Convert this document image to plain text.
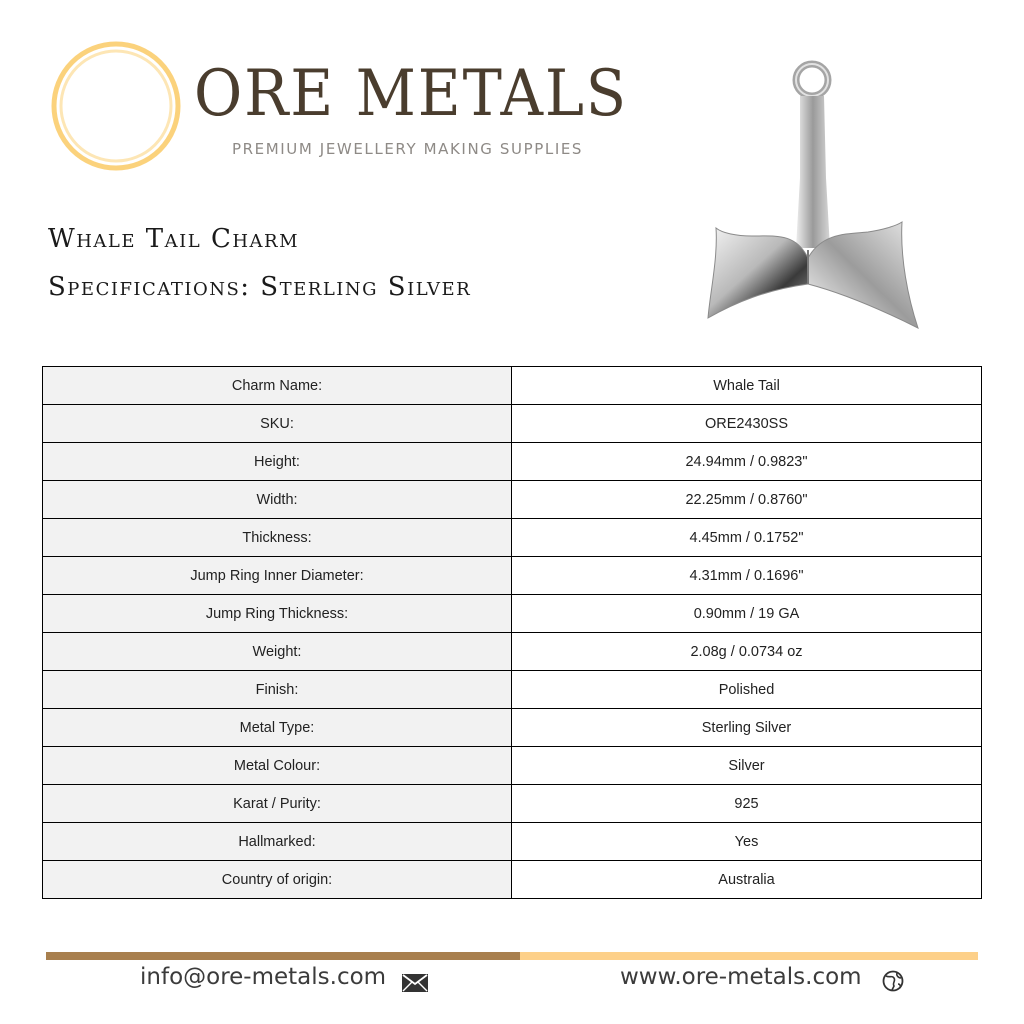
ORE METALS
PREMIUM JEWELLERY MAKING SUPPLIES
Whale Tail Charm
Specifications: Sterling Silver
Charm Name:	Whale Tail
SKU:	ORE2430SS
Height:	24.94mm / 0.9823"
Width:	22.25mm / 0.8760"
Thickness:	4.45mm / 0.1752"
Jump Ring Inner Diameter:	4.31mm / 0.1696"
Jump Ring Thickness:	0.90mm / 19 GA
Weight:	2.08g / 0.0734 oz
Finish:	Polished
Metal Type:	Sterling Silver
Metal Colour:	Silver
Karat / Purity:	925
Hallmarked:	Yes
Country of origin:	Australia
info@ore-metals.com	www.ore-metals.com
